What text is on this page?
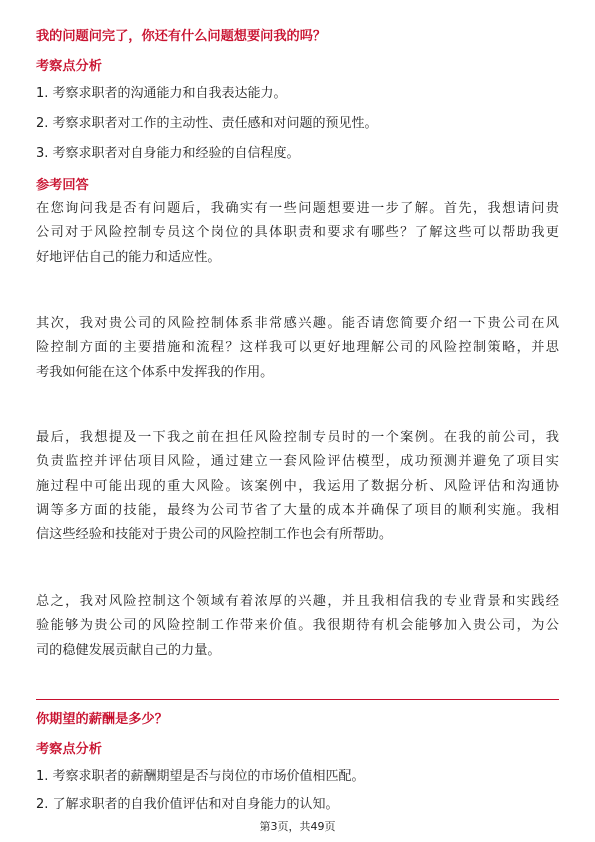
我的问题问完了，你还有什么问题想要问我的吗？
考察点分析
1. 考察求职者的沟通能力和自我表达能力。
2. 考察求职者对工作的主动性、责任感和对问题的预见性。
3. 考察求职者对自身能力和经验的自信程度。
参考回答
在您询问我是否有问题后，我确实有一些问题想要进一步了解。首先，我想请问贵
公司对于风险控制专员这个岗位的具体职责和要求有哪些？了解这些可以帮助我更
好地评估自己的能力和适应性。
其次，我对贵公司的风险控制体系非常感兴趣。能否请您简要介绍一下贵公司在风
险控制方面的主要措施和流程？这样我可以更好地理解公司的风险控制策略，并思
考我如何能在这个体系中发挥我的作用。
最后，我想提及一下我之前在担任风险控制专员时的一个案例。在我的前公司，我
负责监控并评估项目风险，通过建立一套风险评估模型，成功预测并避免了项目实
施过程中可能出现的重大风险。该案例中，我运用了数据分析、风险评估和沟通协
调等多方面的技能，最终为公司节省了大量的成本并确保了项目的顺利实施。我相
信这些经验和技能对于贵公司的风险控制工作也会有所帮助。
总之，我对风险控制这个领域有着浓厚的兴趣，并且我相信我的专业背景和实践经
验能够为贵公司的风险控制工作带来价值。我很期待有机会能够加入贵公司，为公
司的稳健发展贡献自己的力量。
你期望的薪酬是多少？
考察点分析
1. 考察求职者的薪酬期望是否与岗位的市场价值相匹配。
2. 了解求职者的自我价值评估和对自身能力的认知。
第3页，共49页
